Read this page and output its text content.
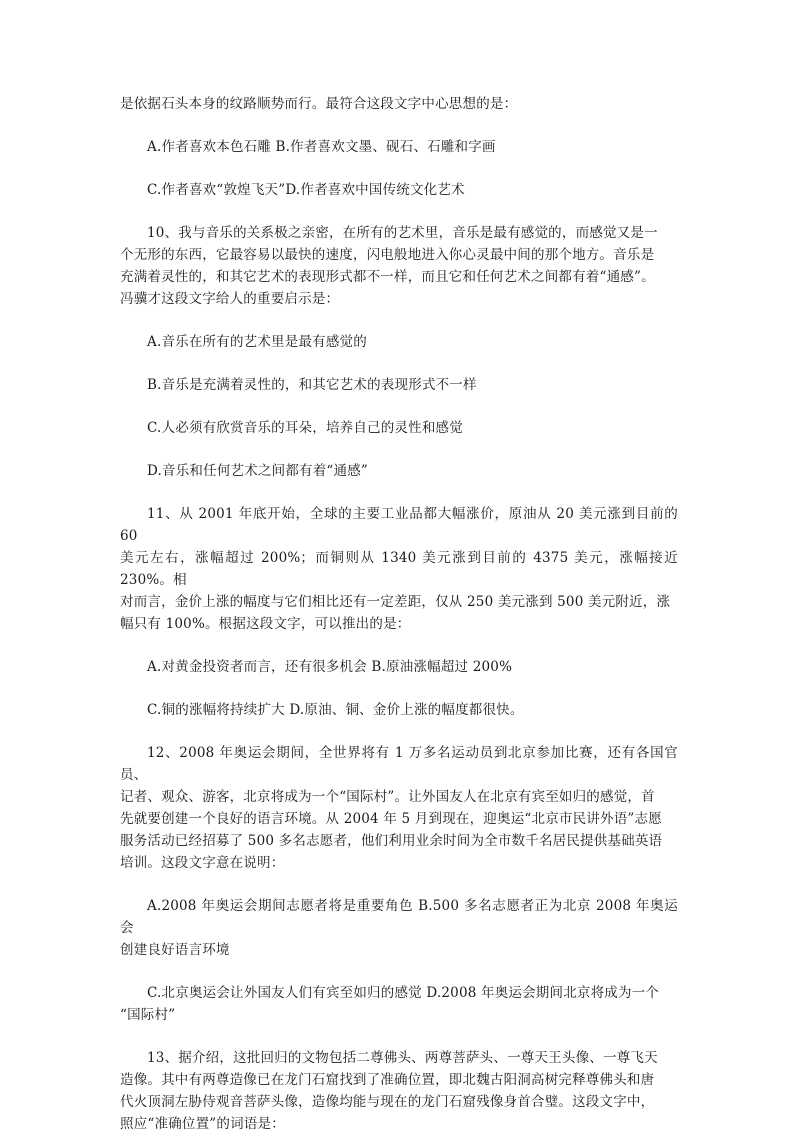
是依据石头本身的纹路顺势而行。最符合这段文字中心思想的是：

A.作者喜欢本色石雕 B.作者喜欢文墨、砚石、石雕和字画

C.作者喜欢“敦煌飞天”D.作者喜欢中国传统文化艺术

10、我与音乐的关系极之亲密，在所有的艺术里，音乐是最有感觉的，而感觉又是一
个无形的东西，它最容易以最快的速度，闪电般地进入你心灵最中间的那个地方。音乐是
充满着灵性的，和其它艺术的表现形式都不一样，而且它和任何艺术之间都有着“通感”。
冯骥才这段文字给人的重要启示是：

A.音乐在所有的艺术里是最有感觉的

B.音乐是充满着灵性的，和其它艺术的表现形式不一样

C.人必须有欣赏音乐的耳朵，培养自己的灵性和感觉

D.音乐和任何艺术之间都有着“通感”

11、从 2001 年底开始，全球的主要工业品都大幅涨价，原油从 20 美元涨到目前的 60
美元左右，涨幅超过 200%；而铜则从 1340 美元涨到目前的 4375 美元，涨幅接近 230%。相
对而言，金价上涨的幅度与它们相比还有一定差距，仅从 250 美元涨到 500 美元附近，涨
幅只有 100%。根据这段文字，可以推出的是：

A.对黄金投资者而言，还有很多机会 B.原油涨幅超过 200%

C.铜的涨幅将持续扩大 D.原油、铜、金价上涨的幅度都很快。

12、2008 年奥运会期间，全世界将有 1 万多名运动员到北京参加比赛，还有各国官员、
记者、观众、游客，北京将成为一个“国际村”。让外国友人在北京有宾至如归的感觉，首
先就要创建一个良好的语言环境。从 2004 年 5 月到现在，迎奥运“北京市民讲外语”志愿
服务活动已经招募了 500 多名志愿者，他们利用业余时间为全市数千名居民提供基础英语
培训。这段文字意在说明：

A.2008 年奥运会期间志愿者将是重要角色 B.500 多名志愿者正为北京 2008 年奥运会
创建良好语言环境

C.北京奥运会让外国友人们有宾至如归的感觉 D.2008 年奥运会期间北京将成为一个
“国际村”

13、据介绍，这批回归的文物包括二尊佛头、两尊菩萨头、一尊天王头像、一尊飞天
造像。其中有两尊造像已在龙门石窟找到了准确位置，即北魏古阳洞高树完释尊佛头和唐
代火顶洞左胁侍观音菩萨头像，造像均能与现在的龙门石窟残像身首合璧。这段文字中，
照应“准确位置”的词语是：
